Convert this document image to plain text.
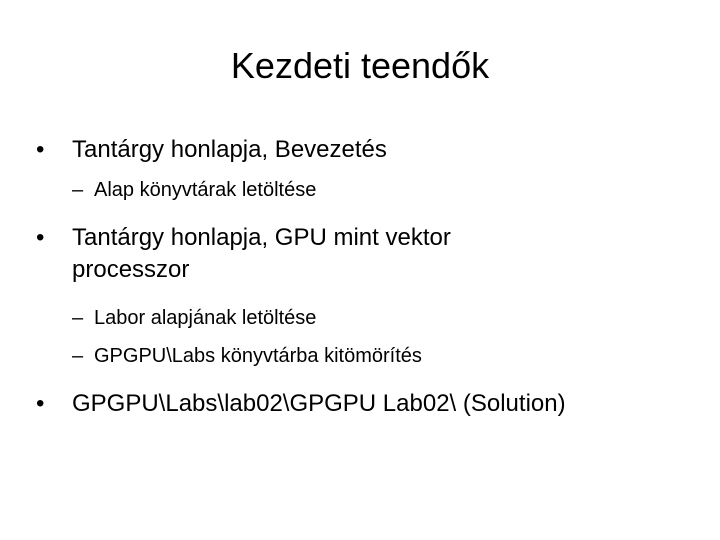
Kezdeti teendők
•	Tantárgy honlapja, Bevezetés
– Alap könyvtárak letöltése
•	Tantárgy honlapja, GPU mint vektor processzor
– Labor alapjának letöltése
– GPGPU\Labs könyvtárba kitömörítés
•	GPGPU\Labs\lab02\GPGPU Lab02\ (Solution)
